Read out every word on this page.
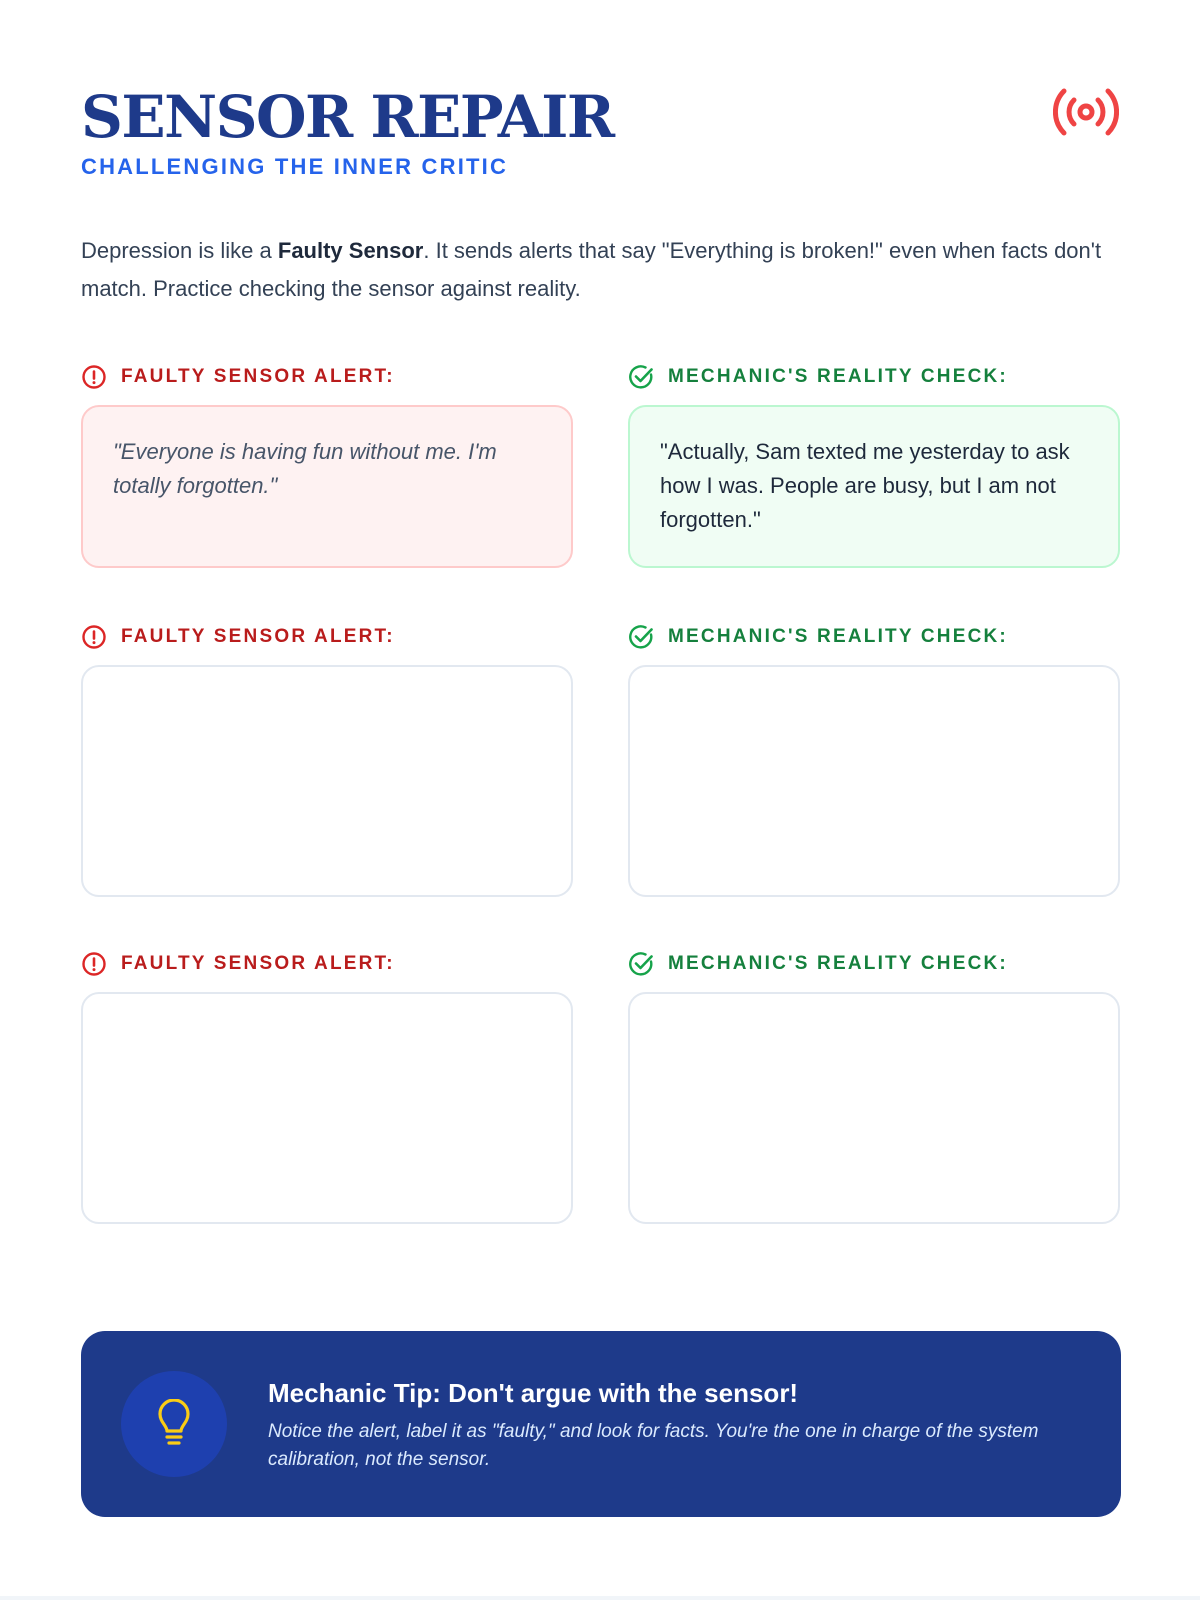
SENSOR REPAIR
CHALLENGING THE INNER CRITIC

Depression is like a Faulty Sensor. It sends alerts that say "Everything is broken!" even when facts don't match. Practice checking the sensor against reality.

FAULTY SENSOR ALERT:
"Everyone is having fun without me. I'm totally forgotten."
MECHANIC'S REALITY CHECK:
"Actually, Sam texted me yesterday to ask how I was. People are busy, but I am not forgotten."
FAULTY SENSOR ALERT:	MECHANIC'S REALITY CHECK:
FAULTY SENSOR ALERT:	MECHANIC'S REALITY CHECK:
Mechanic Tip: Don't argue with the sensor!
Notice the alert, label it as "faulty," and look for facts. You're the one in charge of the system calibration, not the sensor.
